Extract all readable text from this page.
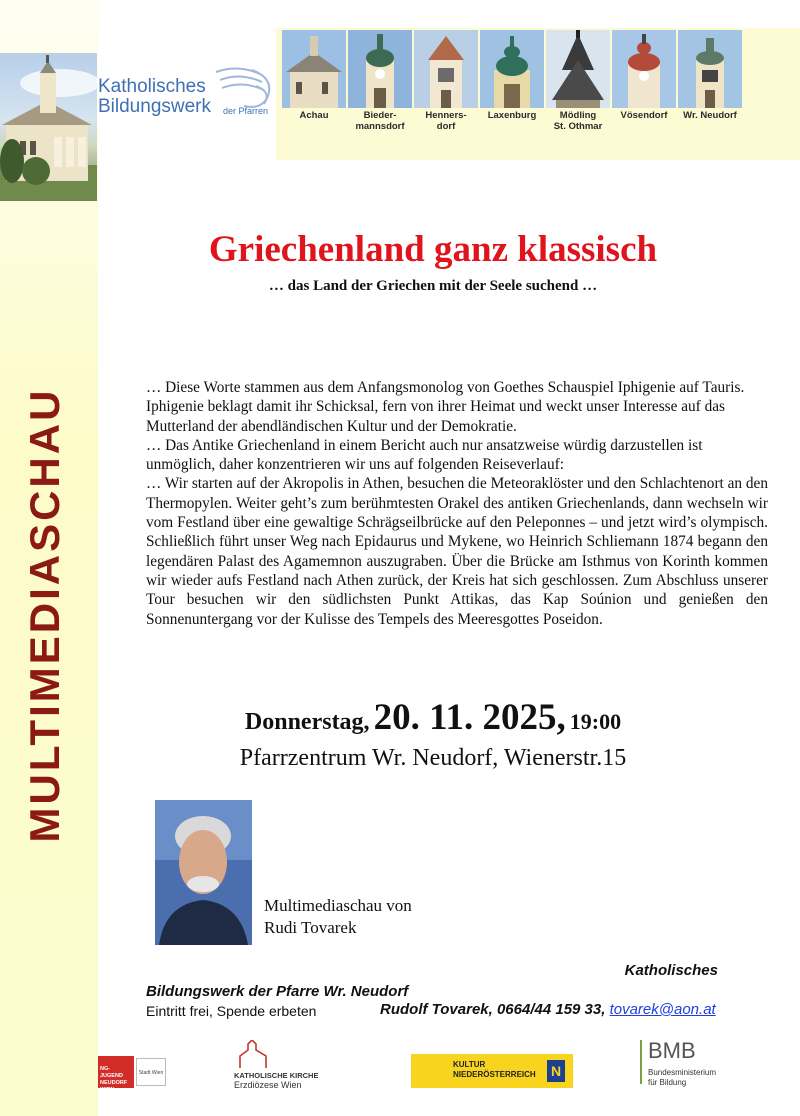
MULTIMEDIASCHAU
Katholisches
Bildungswerk der Pfarren	Achau	Bieder-
mannsdorf
Henners-
dorf
Laxenburg	Mödling
St. Othmar
Vösendorf	Wr. Neudorf
Griechenland ganz klassisch
… das Land der Griechen mit der Seele suchend …

… Diese Worte stammen aus dem Anfangsmonolog von Goethes Schauspiel Iphigenie auf Tauris. Iphigenie beklagt damit ihr Schicksal, fern von ihrer Heimat und weckt unser Interesse auf das Mutterland der abendländischen Kultur und der Demokratie.

… Das Antike Griechenland in einem Bericht auch nur ansatzweise würdig darzustellen ist unmöglich, daher konzentrieren wir uns auf folgenden Reiseverlauf:

… Wir starten auf der Akropolis in Athen, besuchen die Meteoraklöster und den Schlachtenort an den Thermopylen. Weiter geht’s zum berühmtesten Orakel des antiken Griechenlands, dann wechseln wir vom Festland über eine gewaltige Schrägseilbrücke auf den Peleponnes – und jetzt wird’s olympisch. Schließlich führt unser Weg nach Epidaurus und Mykene, wo Heinrich Schliemann 1874 begann den legendären Palast des Agamemnon auszugraben. Über die Brücke am Isthmus von Korinth kommen wir wieder aufs Festland nach Athen zurück, der Kreis hat sich geschlossen. Zum Abschluss unserer Tour besuchen wir den südlichsten Punkt Attikas, das Kap Soúnion und genießen den Sonnenuntergang vor der Kulisse des Tempels des Meeresgottes Poseidon.

Donnerstag, 20. 11. 2025, 19:00
Pfarrzentrum Wr. Neudorf, Wienerstr.15
Multimediaschau von
Rudi Tovarek
Katholisches
Bildungswerk der Pfarre Wr. Neudorf
Eintritt frei, Spende erbeten	Rudolf Tovarek, 0664/44 159 33, tovarek@aon.at
NG-JUGEND
NEUDORF WIEN
Stadt Wien	KATHOLISCHE KIRCHE
Erzdiözese Wien
KULTUR
NIEDERÖSTERREICH N
BMB
Bundesministerium
für Bildung
